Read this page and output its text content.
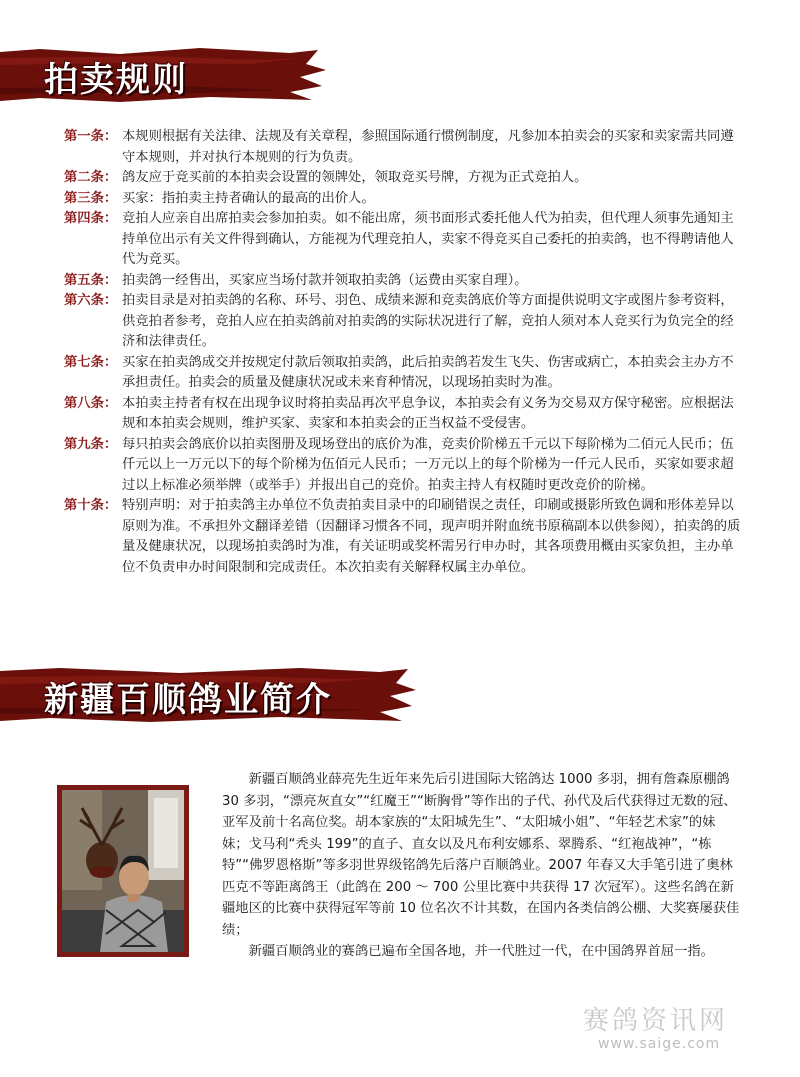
拍卖规则
第一条： 本规则根据有关法律、法规及有关章程，参照国际通行惯例制度，凡参加本拍卖会的买家和卖家需共同遵守本规则，并对执行本规则的行为负责。
第二条： 鸽友应于竞买前的本拍卖会设置的领牌处，领取竞买号牌，方视为正式竞拍人。
第三条： 买家：指拍卖主持者确认的最高的出价人。
第四条： 竞拍人应亲自出席拍卖会参加拍卖。如不能出席，须书面形式委托他人代为拍卖，但代理人须事先通知主持单位出示有关文件得到确认，方能视为代理竞拍人，卖家不得竞买自己委托的拍卖鸽，也不得聘请他人代为竞买。
第五条： 拍卖鸽一经售出，买家应当场付款并领取拍卖鸽（运费由买家自理）。
第六条： 拍卖目录是对拍卖鸽的名称、环号、羽色、成绩来源和竞卖鸽底价等方面提供说明文字或图片参考资料，供竞拍者参考，竞拍人应在拍卖鸽前对拍卖鸽的实际状况进行了解，竞拍人须对本人竞买行为负完全的经济和法律责任。
第七条： 买家在拍卖鸽成交并按规定付款后领取拍卖鸽，此后拍卖鸽若发生飞失、伤害或病亡，本拍卖会主办方不承担责任。拍卖会的质量及健康状况或未来育种情况，以现场拍卖时为准。
第八条： 本拍卖主持者有权在出现争议时将拍卖品再次平息争议，本拍卖会有义务为交易双方保守秘密。应根据法规和本拍卖会规则，维护买家、卖家和本拍卖会的正当权益不受侵害。
第九条： 每只拍卖会鸽底价以拍卖图册及现场登出的底价为准，竞卖价阶梯五千元以下每阶梯为二佰元人民币；伍仟元以上一万元以下的每个阶梯为伍佰元人民币；一万元以上的每个阶梯为一仟元人民币，买家如要求超过以上标准必须举牌（或举手）并报出自己的竞价。拍卖主持人有权随时更改竞价的阶梯。
第十条： 特别声明：对于拍卖鸽主办单位不负责拍卖目录中的印刷错误之责任，印刷或摄影所致色调和形体差异以原则为准。不承担外文翻译差错（因翻译习惯各不同，现声明并附血统书原稿副本以供参阅），拍卖鸽的质量及健康状况，以现场拍卖鸽时为准，有关证明或奖杯需另行申办时，其各项费用概由买家负担，主办单位不负责申办时间限制和完成责任。本次拍卖有关解释权属主办单位。
新疆百顺鸽业简介

新疆百顺鸽业薛亮先生近年来先后引进国际大铭鸽达 1000 多羽，拥有詹森原棚鸽 30 多羽，“漂亮灰直女”“红魔王”“断胸骨”等作出的子代、孙代及后代获得过无数的冠、亚军及前十名高位奖。胡本家族的“太阳城先生”、“太阳城小姐”、“年轻艺术家”的妹妹；戈马利“秃头 199”的直子、直女以及凡布利安娜系、翠腾系、“红袍战神”，“栋特”“佛罗恩格斯”等多羽世界级铭鸽先后落户百顺鸽业。2007 年春又大手笔引进了奥林匹克不等距离鸽王（此鸽在 200 ～ 700 公里比赛中共获得 17 次冠军）。这些名鸽在新疆地区的比赛中获得冠军等前 10 位名次不计其数，在国内各类信鸽公棚、大奖赛屡获佳绩；

新疆百顺鸽业的赛鸽已遍布全国各地，并一代胜过一代，在中国鸽界首屈一指。

赛鸽资讯网
www.saige.com
